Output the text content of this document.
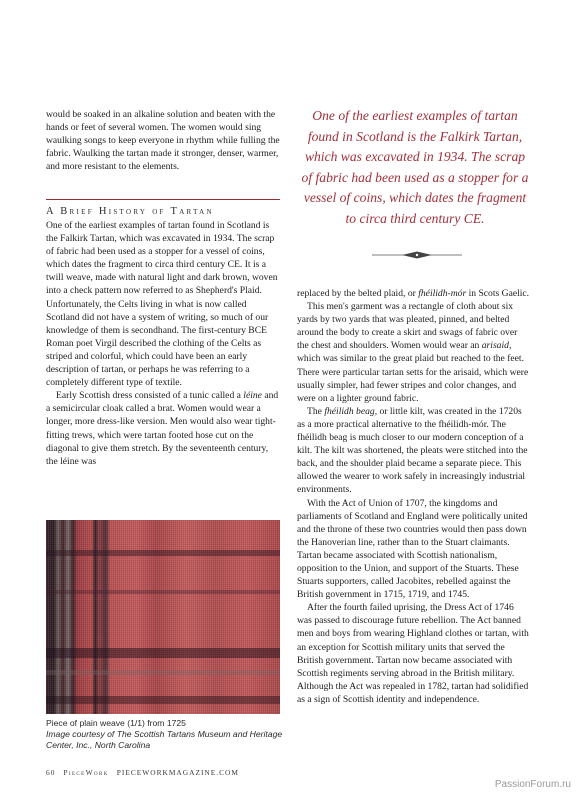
would be soaked in an alkaline solution and beaten with the hands or feet of several women. The women would sing waulking songs to keep everyone in rhythm while fulling the fabric. Waulking the tartan made it stronger, denser, warmer, and more resistant to the elements.

A Brief History of Tartan

One of the earliest examples of tartan found in Scotland is the Falkirk Tartan, which was excavated in 1934. The scrap of fabric had been used as a stopper for a vessel of coins, which dates the fragment to circa third century CE. It is a twill weave, made with natural light and dark brown, woven into a check pattern now referred to as Shepherd's Plaid. Unfortunately, the Celts living in what is now called Scotland did not have a system of writing, so much of our knowledge of them is secondhand. The first-century BCE Roman poet Virgil described the clothing of the Celts as striped and colorful, which could have been an early description of tartan, or perhaps he was referring to a completely different type of textile.

Early Scottish dress consisted of a tunic called a léine and a semicircular cloak called a brat. Women would wear a longer, more dress-like version. Men would also wear tight-fitting trews, which were tartan footed hose cut on the diagonal to give them stretch. By the seventeenth century, the léine was

One of the earliest examples of tartan found in Scotland is the Falkirk Tartan, which was excavated in 1934. The scrap of fabric had been used as a stopper for a vessel of coins, which dates the fragment to circa third century CE.

replaced by the belted plaid, or fhéilidh-mór in Scots Gaelic.

This men's garment was a rectangle of cloth about six yards by two yards that was pleated, pinned, and belted around the body to create a skirt and swags of fabric over the chest and shoulders. Women would wear an arisaid, which was similar to the great plaid but reached to the feet. There were particular tartan setts for the arisaid, which were usually simpler, had fewer stripes and color changes, and were on a lighter ground fabric.

The fhéilidh beag, or little kilt, was created in the 1720s as a more practical alternative to the fhéilidh-mór. The fhéilidh beag is much closer to our modern conception of a kilt. The kilt was shortened, the pleats were stitched into the back, and the shoulder plaid became a separate piece. This allowed the wearer to work safely in increasingly industrial environments.

With the Act of Union of 1707, the kingdoms and parliaments of Scotland and England were politically united and the throne of these two countries would then pass down the Hanoverian line, rather than to the Stuart claimants. Tartan became associated with Scottish nationalism, opposition to the Union, and support of the Stuarts. These Stuarts supporters, called Jacobites, rebelled against the British government in 1715, 1719, and 1745.

After the fourth failed uprising, the Dress Act of 1746 was passed to discourage future rebellion. The Act banned men and boys from wearing Highland clothes or tartan, with an exception for Scottish military units that served the British government. Tartan now became associated with Scottish regiments serving abroad in the British military. Although the Act was repealed in 1782, tartan had solidified as a sign of Scottish identity and independence.

Piece of plain weave (1/1) from 1725
Image courtesy of The Scottish Tartans Museum and Heritage Center, Inc., North Carolina
60 PieceWork PIECEWORKMAGAZINE.COM
PassionForum.ru
